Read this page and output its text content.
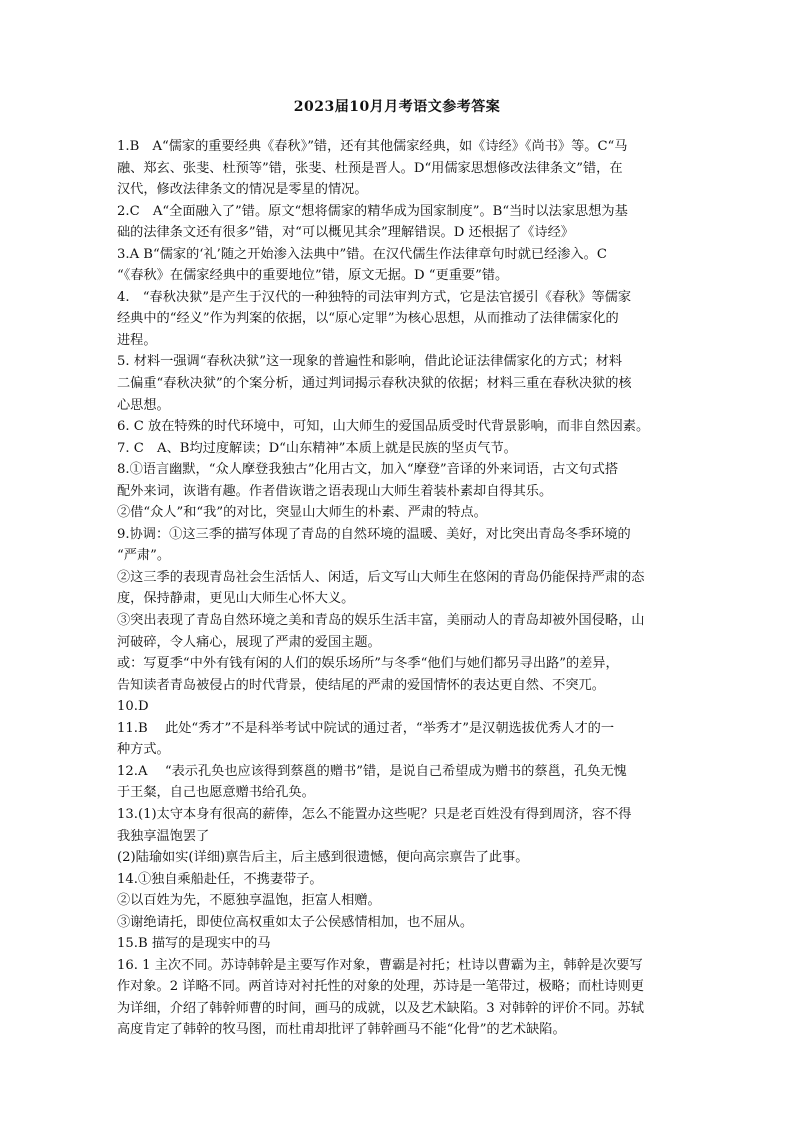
2023届10月月考语文参考答案
1.B　A“儒家的重要经典《春秋》”错，还有其他儒家经典，如《诗经》《尚书》等。C“马
融、郑玄、张斐、杜预等”错，张斐、杜预是晋人。D“用儒家思想修改法律条文”错，在
汉代，修改法律条文的情况是零星的情况。
2.C　A“全面融入了”错。原文“想将儒家的精华成为国家制度”。B“当时以法家思想为基
础的法律条文还有很多”错，对“可以概见其余”理解错误。D 还根据了《诗经》
3.A B“儒家的‘礼’随之开始渗入法典中”错。在汉代儒生作法律章句时就已经渗入。C
“《春秋》在儒家经典中的重要地位”错，原文无据。D “更重要”错。
4.　“春秋决狱”是产生于汉代的一种独特的司法审判方式，它是法官援引《春秋》等儒家
经典中的“经义”作为判案的依据，以“原心定罪”为核心思想，从而推动了法律儒家化的
进程。
5. 材料一强调“春秋决狱”这一现象的普遍性和影响，借此论证法律儒家化的方式；材料
二偏重“春秋决狱”的个案分析，通过判词揭示春秋决狱的依据；材料三重在春秋决狱的核
心思想。
6. C 放在特殊的时代环境中，可知，山大师生的爱国品质受时代背景影响，而非自然因素。
7. C　A、B均过度解读；D“山东精神”本质上就是民族的坚贞气节。
8.①语言幽默，“众人摩登我独古”化用古文，加入“摩登”音译的外来词语，古文句式搭
配外来词，诙谐有趣。作者借诙谐之语表现山大师生着装朴素却自得其乐。
②借“众人”和“我”的对比，突显山大师生的朴素、严肃的特点。
9.协调：①这三季的描写体现了青岛的自然环境的温暖、美好，对比突出青岛冬季环境的
“严肃”。
②这三季的表现青岛社会生活恬人、闲适，后文写山大师生在悠闲的青岛仍能保持严肃的态
度，保持静肃，更见山大师生心怀大义。
③突出表现了青岛自然环境之美和青岛的娱乐生活丰富，美丽动人的青岛却被外国侵略，山
河破碎，令人痛心，展现了严肃的爱国主题。
或：写夏季“中外有钱有闲的人们的娱乐场所”与冬季“他们与她们都另寻出路”的差异，
告知读者青岛被侵占的时代背景，使结尾的严肃的爱国情怀的表达更自然、不突兀。
10.D
11.B　 此处“秀才”不是科举考试中院试的通过者，“举秀才”是汉朝选拔优秀人才的一
种方式。
12.A　 “表示孔奂也应该得到蔡邕的赠书”错，是说自己希望成为赠书的蔡邕，孔奂无愧
于王粲，自己也愿意赠书给孔奂。
13.(1)太守本身有很高的薪俸，怎么不能置办这些呢？只是老百姓没有得到周济，容不得
我独享温饱罢了
(2)陆瑜如实(详细)禀告后主，后主感到很遗憾，便向高宗禀告了此事。
14.①独自乘船赴任，不携妻带子。
②以百姓为先，不愿独享温饱，拒富人相赠。
③谢绝请托，即使位高权重如太子公侯感情相加，也不屈从。
15.B 描写的是现实中的马
16. 1 主次不同。苏诗韩幹是主要写作对象，曹霸是衬托；杜诗以曹霸为主，韩幹是次要写
作对象。2 详略不同。两首诗对衬托性的对象的处理，苏诗是一笔带过，极略；而杜诗则更
为详细，介绍了韩幹师曹的时间，画马的成就，以及艺术缺陷。3 对韩幹的评价不同。苏轼
高度肯定了韩幹的牧马图，而杜甫却批评了韩幹画马不能“化骨”的艺术缺陷。
